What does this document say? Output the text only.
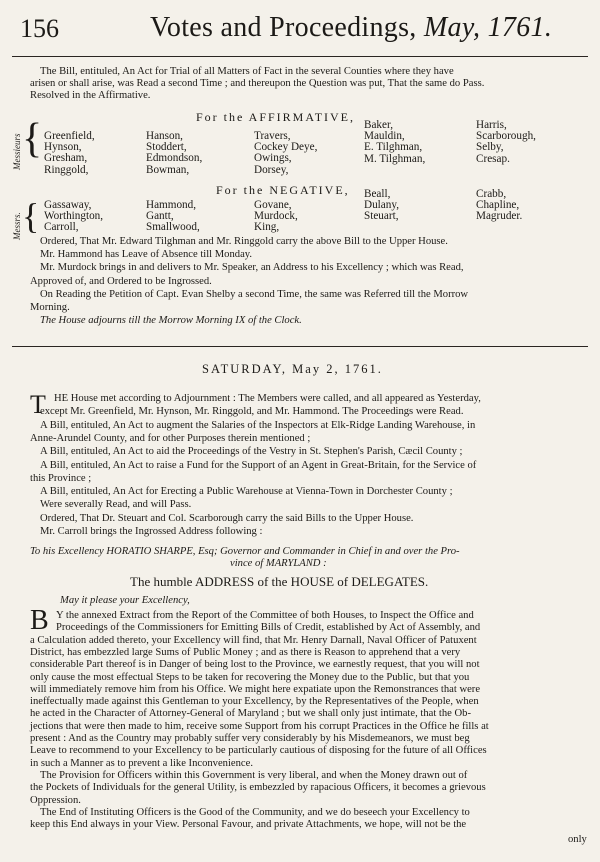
156	Votes and Proceedings, May, 1761.
The Bill, entituled, An Act for Trial of all Matters of Fact in the several Counties where they have
arisen or shall arise, was Read a second Time ; and thereupon the Question was put, That the same do Pass.
Resolved in the Affirmative.
For the AFFIRMATIVE,
Messieurs { Greenfield,
Hynson,
Gresham,
Ringgold,
Hanson,
Stoddert,
Edmondson,
Bowman,
Travers,
Cockey Deye,
Owings,
Dorsey,
Baker,
Mauldin,
E. Tilghman,
M. Tilghman,
Harris,
Scarborough,
Selby,
Cresap.
For the NEGATIVE,
Messrs. { Gassaway,
Worthington,
Carroll,
Hammond,
Gantt,
Smallwood,
Govane,
Murdock,
King,
Beall,
Dulany,
Steuart,
Crabb,
Chapline,
Magruder.
Ordered, That Mr. Edward Tilghman and Mr. Ringgold carry the above Bill to the Upper House.
Mr. Hammond has Leave of Absence till Monday.
Mr. Murdock brings in and delivers to Mr. Speaker, an Address to his Excellency ; which was Read,
Approved of, and Ordered to be Ingrossed.
On Reading the Petition of Capt. Evan Shelby a second Time, the same was Referred till the Morrow
Morning.
The House adjourns till the Morrow Morning IX of the Clock.
SATURDAY, May 2, 1761.
T HE House met according to Adjournment : The Members were called, and all appeared as Yesterday,
except Mr. Greenfield, Mr. Hynson, Mr. Ringgold, and Mr. Hammond. The Proceedings were Read.
A Bill, entituled, An Act to augment the Salaries of the Inspectors at Elk-Ridge Landing Warehouse, in
Anne-Arundel County, and for other Purposes therein mentioned ;
A Bill, entituled, An Act to aid the Proceedings of the Vestry in St. Stephen's Parish, Cæcil County ;
A Bill, entituled, An Act to raise a Fund for the Support of an Agent in Great-Britain, for the Service of
this Province ;
A Bill, entituled, An Act for Erecting a Public Warehouse at Vienna-Town in Dorchester County ;
Were severally Read, and will Pass.
Ordered, That Dr. Steuart and Col. Scarborough carry the said Bills to the Upper House.
Mr. Carroll brings the Ingrossed Address following :
To his Excellency HORATIO SHARPE, Esq; Governor and Commander in Chief in and over the Pro-
vince of MARYLAND :
The humble ADDRESS of the HOUSE of DELEGATES.
May it please your Excellency,
B Y the annexed Extract from the Report of the Committee of both Houses, to Inspect the Office and
Proceedings of the Commissioners for Emitting Bills of Credit, established by Act of Assembly, and
a Calculation added thereto, your Excellency will find, that Mr. Henry Darnall, Naval Officer of Patuxent
District, has embezzled large Sums of Public Money ; and as there is Reason to apprehend that a very
considerable Part thereof is in Danger of being lost to the Province, we earnestly request, that you will not
only cause the most effectual Steps to be taken for recovering the Money due to the Public, but that you
will immediately remove him from his Office. We might here expatiate upon the Remonstrances that were
ineffectually made against this Gentleman to your Excellency, by the Representatives of the People, when
he acted in the Character of Attorney-General of Maryland ; but we shall only just intimate, that the Ob-
jections that were then made to him, receive some Support from his corrupt Practices in the Office he fills at
present : And as the Country may probably suffer very considerably by his Misdemeanors, we must beg
Leave to recommend to your Excellency to be particularly cautious of disposing for the future of all Offices
in such a Manner as to prevent a like Inconvenience.
The Provision for Officers within this Government is very liberal, and when the Money drawn out of
the Pockets of Individuals for the general Utility, is embezzled by rapacious Officers, it becomes a grievous
Oppression.
The End of Instituting Officers is the Good of the Community, and we do beseech your Excellency to
keep this End always in your View. Personal Favour, and private Attachments, we hope, will not be the
only
